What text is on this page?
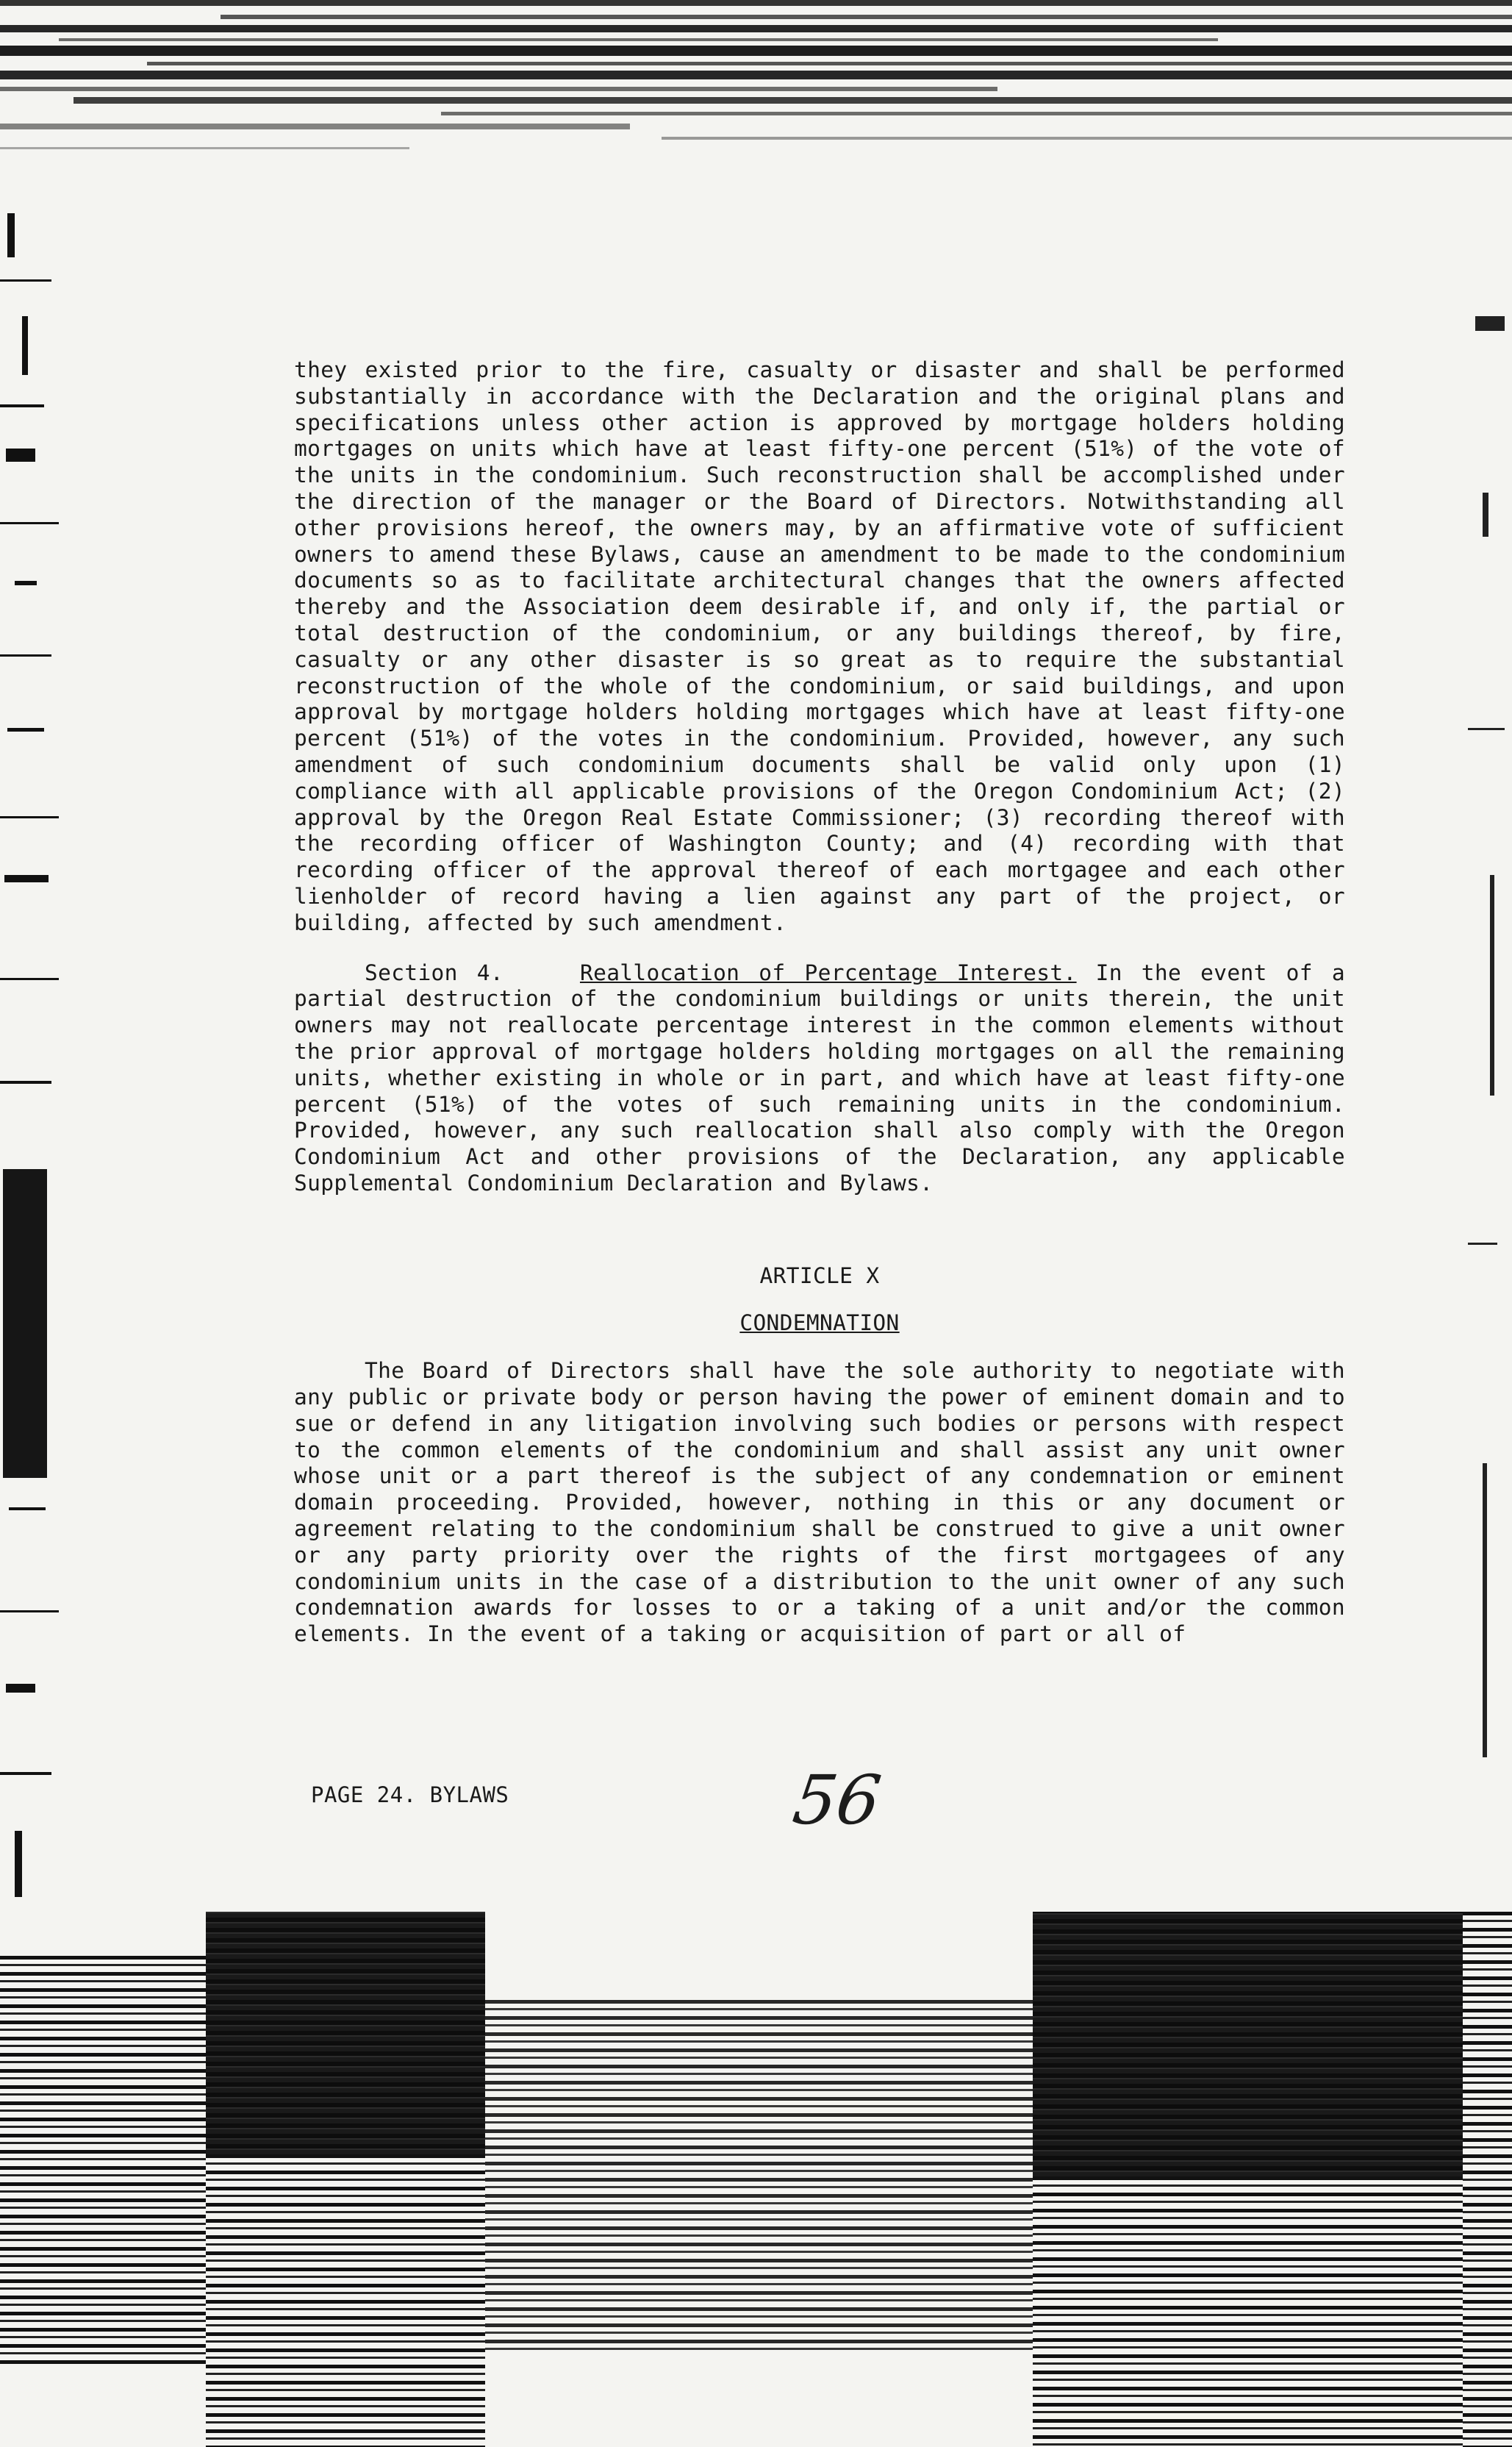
they existed prior to the fire, casualty or disaster and shall be performed substantially in accordance with the Declaration and the original plans and specifications unless other action is approved by mortgage holders holding mortgages on units which have at least fifty-one percent (51%) of the vote of the units in the condominium. Such reconstruction shall be accomplished under the direction of the manager or the Board of Directors. Notwithstanding all other provisions hereof, the owners may, by an affirmative vote of sufficient owners to amend these Bylaws, cause an amendment to be made to the condominium documents so as to facilitate architectural changes that the owners affected thereby and the Association deem desirable if, and only if, the partial or total destruction of the condominium, or any buildings thereof, by fire, casualty or any other disaster is so great as to require the substantial reconstruction of the whole of the condominium, or said buildings, and upon approval by mortgage holders holding mortgages which have at least fifty-one percent (51%) of the votes in the condominium. Provided, however, any such amendment of such condominium documents shall be valid only upon (1) compliance with all applicable provisions of the Oregon Condominium Act; (2) approval by the Oregon Real Estate Commissioner; (3) recording thereof with the recording officer of Washington County; and (4) recording with that recording officer of the approval thereof of each mortgagee and each other lienholder of record having a lien against any part of the project, or building, affected by such amendment.

Section 4.	Reallocation of Percentage Interest. In the event of a partial destruction of the condominium buildings or units therein, the unit owners may not reallocate percentage interest in the common elements without the prior approval of mortgage holders holding mortgages on all the remaining units, whether existing in whole or in part, and which have at least fifty-one percent (51%) of the votes of such remaining units in the condominium. Provided, however, any such reallocation shall also comply with the Oregon Condominium Act and other provisions of the Declaration, any applicable Supplemental Condominium Declaration and Bylaws.

ARTICLE X
CONDEMNATION

The Board of Directors shall have the sole authority to negotiate with any public or private body or person having the power of eminent domain and to sue or defend in any litigation involving such bodies or persons with respect to the common elements of the condominium and shall assist any unit owner whose unit or a part thereof is the subject of any condemnation or eminent domain proceeding. Provided, however, nothing in this or any document or agreement relating to the condominium shall be construed to give a unit owner or any party priority over the rights of the first mortgagees of any condominium units in the case of a distribution to the unit owner of any such condemnation awards for losses to or a taking of a unit and/or the common elements. In the event of a taking or acquisition of part or all of

PAGE 24. BYLAWS	56
